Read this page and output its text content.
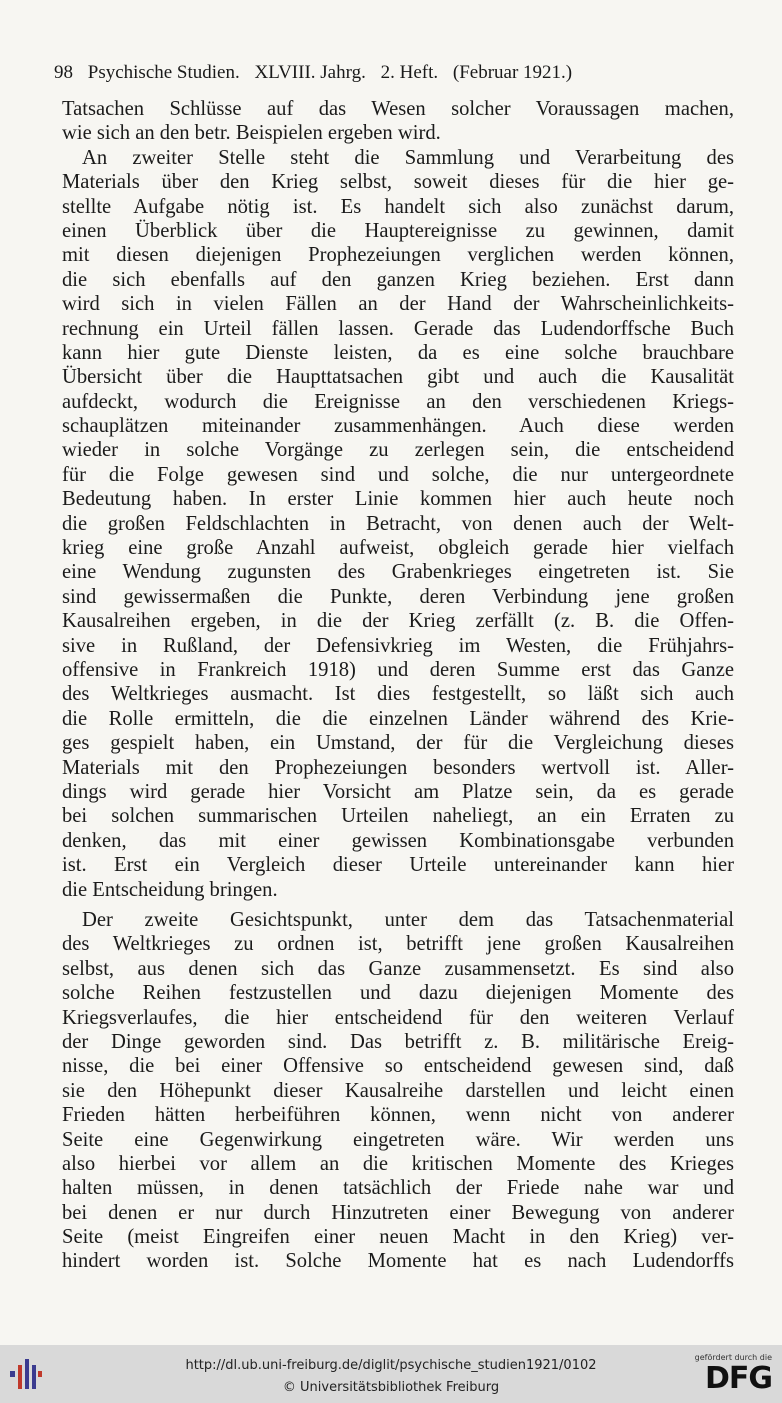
98 Psychische Studien. XLVIII. Jahrg. 2. Heft. (Februar 1921.)
Tatsachen Schlüsse auf das Wesen solcher Voraussagen machen,
wie sich an den betr. Beispielen ergeben wird.
An zweiter Stelle steht die Sammlung und Verarbeitung des
Materials über den Krieg selbst, soweit dieses für die hier ge-
stellte Aufgabe nötig ist. Es handelt sich also zunächst darum,
einen Überblick über die Hauptereignisse zu gewinnen, damit
mit diesen diejenigen Prophezeiungen verglichen werden können,
die sich ebenfalls auf den ganzen Krieg beziehen. Erst dann
wird sich in vielen Fällen an der Hand der Wahrscheinlichkeits-
rechnung ein Urteil fällen lassen. Gerade das Ludendorffsche Buch
kann hier gute Dienste leisten, da es eine solche brauchbare
Übersicht über die Haupttatsachen gibt und auch die Kausalität
aufdeckt, wodurch die Ereignisse an den verschiedenen Kriegs-
schauplätzen miteinander zusammenhängen. Auch diese werden
wieder in solche Vorgänge zu zerlegen sein, die entscheidend
für die Folge gewesen sind und solche, die nur untergeordnete
Bedeutung haben. In erster Linie kommen hier auch heute noch
die großen Feldschlachten in Betracht, von denen auch der Welt-
krieg eine große Anzahl aufweist, obgleich gerade hier vielfach
eine Wendung zugunsten des Grabenkrieges eingetreten ist. Sie
sind gewissermaßen die Punkte, deren Verbindung jene großen
Kausalreihen ergeben, in die der Krieg zerfällt (z. B. die Offen-
sive in Rußland, der Defensivkrieg im Westen, die Frühjahrs-
offensive in Frankreich 1918) und deren Summe erst das Ganze
des Weltkrieges ausmacht. Ist dies festgestellt, so läßt sich auch
die Rolle ermitteln, die die einzelnen Länder während des Krie-
ges gespielt haben, ein Umstand, der für die Vergleichung dieses
Materials mit den Prophezeiungen besonders wertvoll ist. Aller-
dings wird gerade hier Vorsicht am Platze sein, da es gerade
bei solchen summarischen Urteilen naheliegt, an ein Erraten zu
denken, das mit einer gewissen Kombinationsgabe verbunden
ist. Erst ein Vergleich dieser Urteile untereinander kann hier
die Entscheidung bringen.
Der zweite Gesichtspunkt, unter dem das Tatsachenmaterial
des Weltkrieges zu ordnen ist, betrifft jene großen Kausalreihen
selbst, aus denen sich das Ganze zusammensetzt. Es sind also
solche Reihen festzustellen und dazu diejenigen Momente des
Kriegsverlaufes, die hier entscheidend für den weiteren Verlauf
der Dinge geworden sind. Das betrifft z. B. militärische Ereig-
nisse, die bei einer Offensive so entscheidend gewesen sind, daß
sie den Höhepunkt dieser Kausalreihe darstellen und leicht einen
Frieden hätten herbeiführen können, wenn nicht von anderer
Seite eine Gegenwirkung eingetreten wäre. Wir werden uns
also hierbei vor allem an die kritischen Momente des Krieges
halten müssen, in denen tatsächlich der Friede nahe war und
bei denen er nur durch Hinzutreten einer Bewegung von anderer
Seite (meist Eingreifen einer neuen Macht in den Krieg) ver-
hindert worden ist. Solche Momente hat es nach Ludendorffs
http://dl.ub.uni-freiburg.de/diglit/psychische_studien1921/0102
© Universitätsbibliothek Freiburg
gefördert durch die
DFG
